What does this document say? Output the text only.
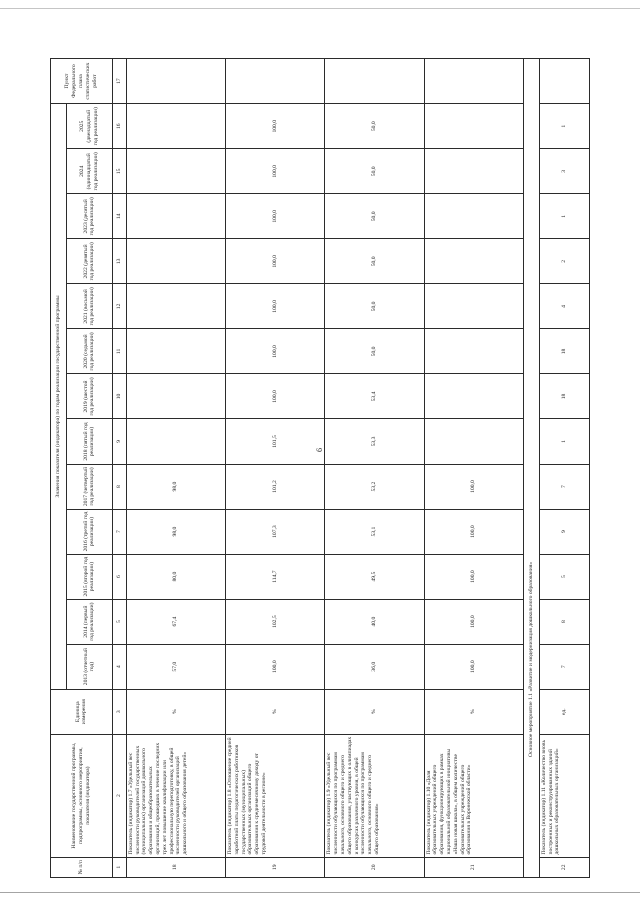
6
№ п/п	Наименование государственной программы, подпрограммы, основного мероприятия, показателя (индикатора)	Единица измерения	Значения показателя (индикатора) по годам реализации государственной программы													Пункт Федерального плана статистических работ
			2013 (отчетный год)	2014 (первый год реализации)	2015 (второй год реализации)	2016 (третий год реализации)	2017 (четвертый год реализации)	2018 (пятый год реализации)	2019 (шестой год реализации)	2020 (седьмой год реализации)	2021 (восьмой год реализации)	2022 (девятый год реализации)	2023 (десятый год реализации)	2024 (одиннадцатый год реализации)	2025 (двенадцатый год реализации)	
1	2	3	4	5	6	7	8	9	10	11	12	13	14	15	16	17
18	Показатель (индикатор) 1.7 «Удельный вес численности руководителей государственных (муниципальных) организаций дошкольного образования и общеобразовательных организаций, прошедших в течение последних трех лет повышение квалификации или профессиональную переподготовку, в общей численности руководителей организаций дошкольного и общего образования детей»	%	57,0	67,4	80,0	98,0	98,0									
19	Показатель (индикатор) 1.8 «Отношение средней заработной платы педагогических работников государственных (муниципальных) образовательных организаций общего образования к среднемесячному доходу от трудовой деятельности в регионе»	%	100,0	102,5	114,7	107,3	101,2	101,5	100,0	100,0	100,0	100,0	100,0	100,0	100,0	
20	Показатель (индикатор) 1.9 «Удельный вес численности обучающихся по программам начального, основного общего и среднего общего образования, участвующих в олимпиадах и конкурсах различного уровня, в общей численности обучающихся по программам начального, основного общего и среднего общего образования»	%	36,0	40,0	49,5	53,1	53,2	53,3	53,4	50,0	50,0	50,0	50,0	50,0	50,0	
21	Показатель (индикатор) 1.10 «Доля образовательных учреждений общего образования, функционирующих в рамках национальной образовательной инициативы «Наша новая школа», в общем количестве образовательных учреждений общего образования в Воронежской области»	%	100,0	100,0	100,0	100,0	100,0									
Основное мероприятие 1.1 «Развитие и модернизация дошкольного образования»																
22	Показатель (индикатор) 1.11 «Количество вновь построенных и реконструированных зданий дошкольных образовательных организаций»	ед.	7	8	5	9	7	1	18	18	4	2	1	3	1	
